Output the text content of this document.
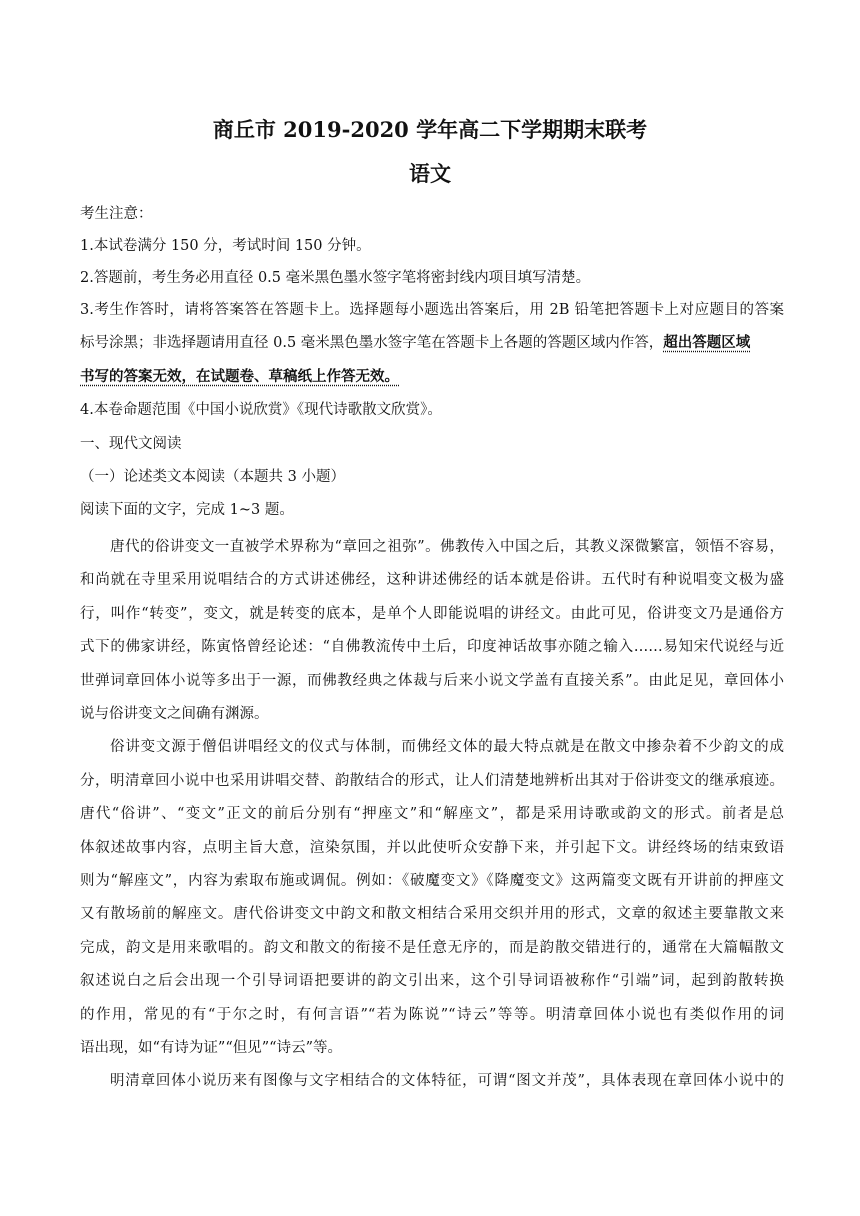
商丘市 2019-2020 学年高二下学期期末联考
语文
考生注意：
1.本试卷满分 150 分，考试时间 150 分钟。
2.答题前，考生务必用直径 0.5 毫米黑色墨水签字笔将密封线内项目填写清楚。
3.考生作答时，请将答案答在答题卡上。选择题每小题选出答案后，用 2B 铅笔把答题卡上对应题目的答案
标号涂黑；非选择题请用直径 0.5 毫米黑色墨水签字笔在答题卡上各题的答题区域内作答，超出答题区域
书写的答案无效，在试题卷、草稿纸上作答无效。
4.本卷命题范围《中国小说欣赏》《现代诗歌散文欣赏》。
一、现代文阅读
（一）论述类文本阅读（本题共 3 小题）
阅读下面的文字，完成 1~3 题。
唐代的俗讲变文一直被学术界称为“章回之祖弥”。佛教传入中国之后，其教义深微繁富，领悟不容易，
和尚就在寺里采用说唱结合的方式讲述佛经，这种讲述佛经的话本就是俗讲。五代时有种说唱变文极为盛
行，叫作“转变”，变文，就是转变的底本，是单个人即能说唱的讲经文。由此可见，俗讲变文乃是通俗方
式下的佛家讲经，陈寅恪曾经论述：“自佛教流传中土后，印度神话故事亦随之输入……易知宋代说经与近
世弹词章回体小说等多出于一源，而佛教经典之体裁与后来小说文学盖有直接关系”。由此足见，章回体小
说与俗讲变文之间确有渊源。
俗讲变文源于僧侣讲唱经文的仪式与体制，而佛经文体的最大特点就是在散文中掺杂着不少韵文的成
分，明清章回小说中也采用讲唱交替、韵散结合的形式，让人们清楚地辨析出其对于俗讲变文的继承痕迹。
唐代“俗讲”、“变文”正文的前后分别有“押座文”和“解座文”，都是采用诗歌或韵文的形式。前者是总
体叙述故事内容，点明主旨大意，渲染氛围，并以此使听众安静下来，并引起下文。讲经终场的结束致语
则为“解座文”，内容为索取布施或调侃。例如：《破魔变文》《降魔变文》这两篇变文既有开讲前的押座文
又有散场前的解座文。唐代俗讲变文中韵文和散文相结合采用交织并用的形式，文章的叙述主要靠散文来
完成，韵文是用来歌唱的。韵文和散文的衔接不是任意无序的，而是韵散交错进行的，通常在大篇幅散文
叙述说白之后会出现一个引导词语把要讲的韵文引出来，这个引导词语被称作“引端”词，起到韵散转换
的作用，常见的有“于尔之时，有何言语”“若为陈说”“诗云”等等。明清章回体小说也有类似作用的词
语出现，如“有诗为证”“但见”“诗云”等。
明清章回体小说历来有图像与文字相结合的文体特征，可谓“图文并茂”，具体表现在章回体小说中的
